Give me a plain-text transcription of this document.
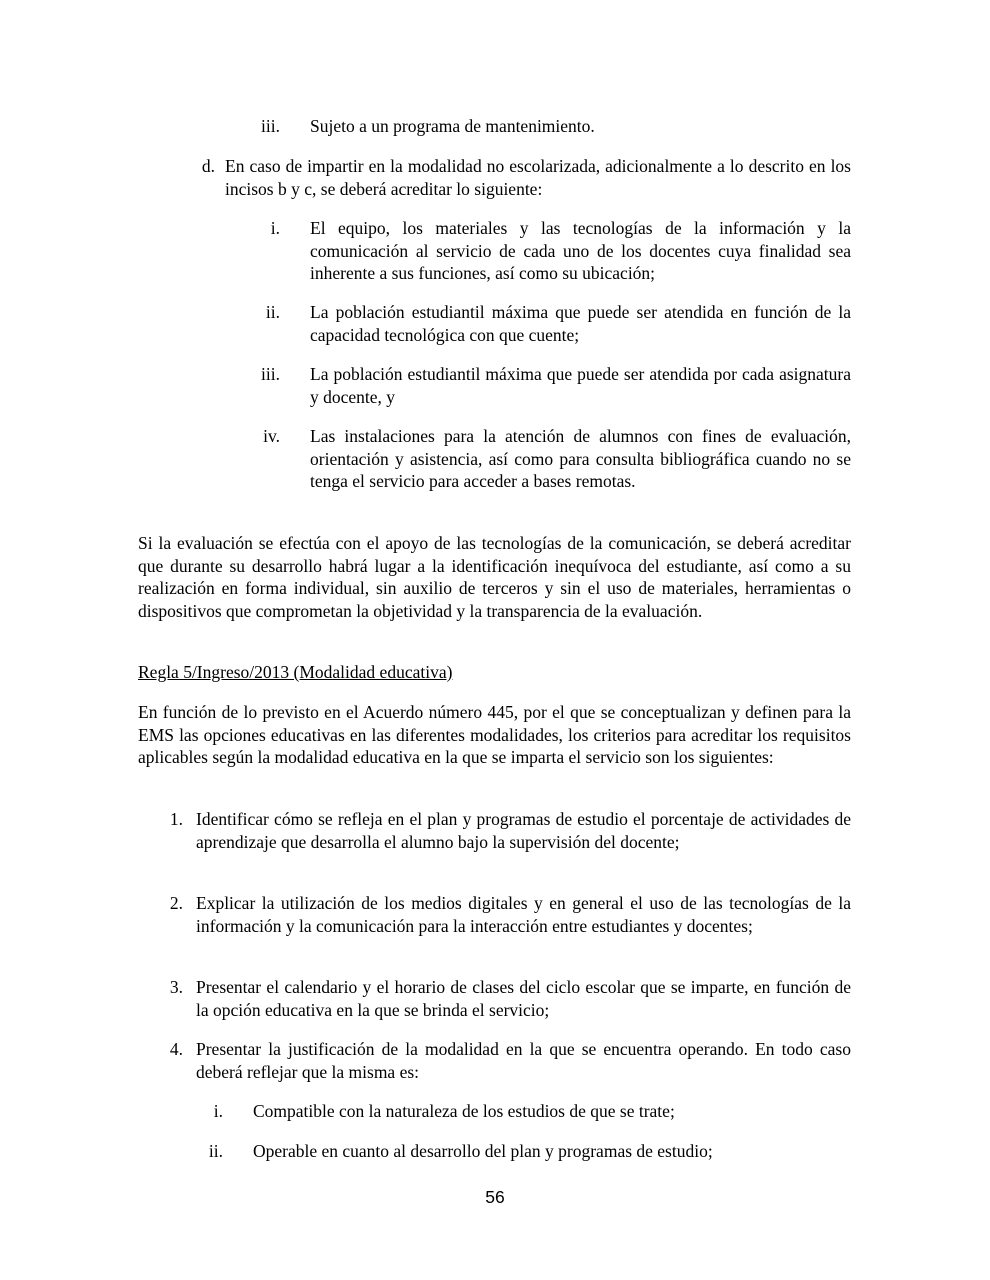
iii. Sujeto a un programa de mantenimiento.
d. En caso de impartir en la modalidad no escolarizada, adicionalmente a lo descrito en los incisos b y c, se deberá acreditar lo siguiente:
i. El equipo, los materiales y las tecnologías de la información y la comunicación al servicio de cada uno de los docentes cuya finalidad sea inherente a sus funciones, así como su ubicación;
ii. La población estudiantil máxima que puede ser atendida en función de la capacidad tecnológica con que cuente;
iii. La población estudiantil máxima que puede ser atendida por cada asignatura y docente, y
iv. Las instalaciones para la atención de alumnos con fines de evaluación, orientación y asistencia, así como para consulta bibliográfica cuando no se tenga el servicio para acceder a bases remotas.

Si la evaluación se efectúa con el apoyo de las tecnologías de la comunicación, se deberá acreditar que durante su desarrollo habrá lugar a la identificación inequívoca del estudiante, así como a su realización en forma individual, sin auxilio de terceros y sin el uso de materiales, herramientas o dispositivos que comprometan la objetividad y la transparencia de la evaluación.

Regla 5/Ingreso/2013 (Modalidad educativa)

En función de lo previsto en el Acuerdo número 445, por el que se conceptualizan y definen para la EMS las opciones educativas en las diferentes modalidades, los criterios para acreditar los requisitos aplicables según la modalidad educativa en la que se imparta el servicio son los siguientes:

1. Identificar cómo se refleja en el plan y programas de estudio el porcentaje de actividades de aprendizaje que desarrolla el alumno bajo la supervisión del docente;
2. Explicar la utilización de los medios digitales y en general el uso de las tecnologías de la información y la comunicación para la interacción entre estudiantes y docentes;
3. Presentar el calendario y el horario de clases del ciclo escolar que se imparte, en función de la opción educativa en la que se brinda el servicio;
4. Presentar la justificación de la modalidad en la que se encuentra operando. En todo caso deberá reflejar que la misma es:
i. Compatible con la naturaleza de los estudios de que se trate;
ii. Operable en cuanto al desarrollo del plan y programas de estudio;
56
